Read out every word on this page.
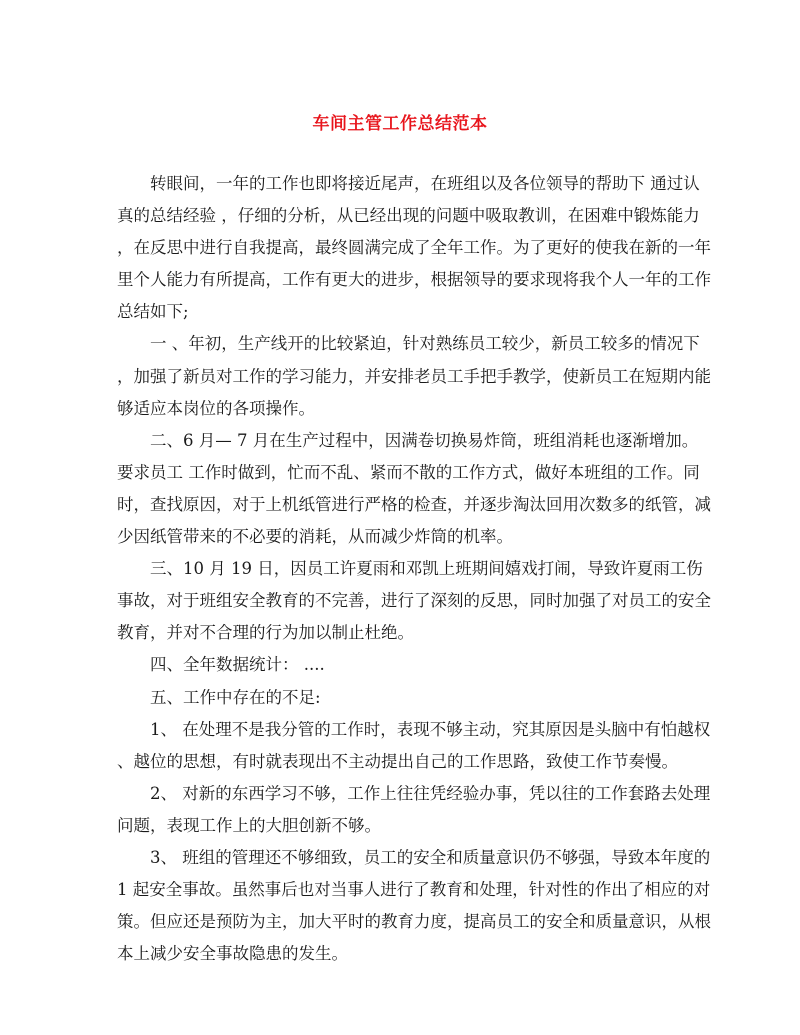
车间主管工作总结范本
　　转眼间，一年的工作也即将接近尾声，在班组以及各位领导的帮助下 通过认
真的总结经验 ，仔细的分析，从已经出现的问题中吸取教训，在困难中锻炼能力
，在反思中进行自我提高，最终圆满完成了全年工作。为了更好的使我在新的一年
里个人能力有所提高，工作有更大的进步，根据领导的要求现将我个人一年的工作
总结如下;
　　一 、年初，生产线开的比较紧迫，针对熟练员工较少，新员工较多的情况下
，加强了新员对工作的学习能力，并安排老员工手把手教学，使新员工在短期内能
够适应本岗位的各项操作。
　　二、6 月— 7 月在生产过程中，因满卷切换易炸筒，班组消耗也逐渐增加。
要求员工 工作时做到，忙而不乱、紧而不散的工作方式，做好本班组的工作。同
时，查找原因，对于上机纸管进行严格的检查，并逐步淘汰回用次数多的纸管，减
少因纸管带来的不必要的消耗，从而减少炸筒的机率。
　　三、10 月 19 日，因员工许夏雨和邓凯上班期间嬉戏打闹，导致许夏雨工伤
事故，对于班组安全教育的不完善，进行了深刻的反思，同时加强了对员工的安全
教育，并对不合理的行为加以制止杜绝。
　　四、全年数据统计： ....
　　五、工作中存在的不足:
　　1、 在处理不是我分管的工作时，表现不够主动，究其原因是头脑中有怕越权
、越位的思想，有时就表现出不主动提出自己的工作思路，致使工作节奏慢。
　　2、 对新的东西学习不够，工作上往往凭经验办事，凭以往的工作套路去处理
问题，表现工作上的大胆创新不够。
　　3、 班组的管理还不够细致，员工的安全和质量意识仍不够强，导致本年度的
1 起安全事故。虽然事后也对当事人进行了教育和处理，针对性的作出了相应的对
策。但应还是预防为主，加大平时的教育力度，提高员工的安全和质量意识，从根
本上减少安全事故隐患的发生。
